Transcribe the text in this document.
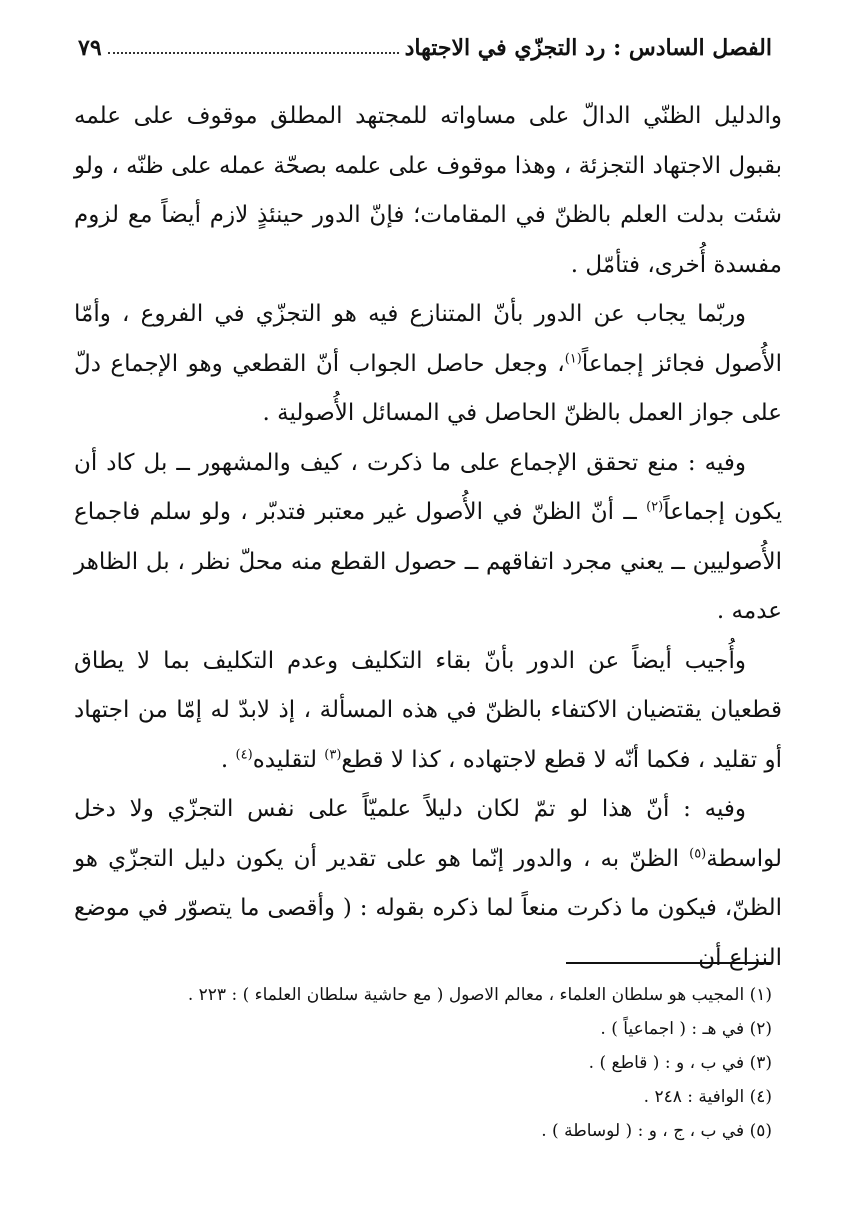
الفصل السادس : رد التجزّي في الاجتهاد
٧٩

والدليل الظنّي الدالّ على مساواته للمجتهد المطلق موقوف على علمه بقبول الاجتهاد التجزئة ، وهذا موقوف على علمه بصحّة عمله على ظنّه ، ولو شئت بدلت العلم بالظنّ في المقامات؛ فإنّ الدور حينئذٍ لازم أيضاً مع لزوم مفسدة أُخرى، فتأمّل .

وربّما يجاب عن الدور بأنّ المتنازع فيه هو التجزّي في الفروع ، وأمّا الأُصول فجائز إجماعاً$^{(١)}$، وجعل حاصل الجواب أنّ القطعي وهو الإجماع دلّ على جواز العمل بالظنّ الحاصل في المسائل الأُصولية .

وفيه : منع تحقق الإجماع على ما ذكرت ، كيف والمشهور ــ بل كاد أن يكون إجماعاً$^{(٢)}$ ــ أنّ الظنّ في الأُصول غير معتبر فتدبّر ، ولو سلم فاجماع الأُصوليين ــ يعني مجرد اتفاقهم ــ حصول القطع منه محلّ نظر ، بل الظاهر عدمه .

وأُجيب أيضاً عن الدور بأنّ بقاء التكليف وعدم التكليف بما لا يطاق قطعيان يقتضيان الاكتفاء بالظنّ في هذه المسألة ، إذ لابدّ له إمّا من اجتهاد أو تقليد ، فكما أنّه لا قطع لاجتهاده ، كذا لا قطع$^{(٣)}$ لتقليده$^{(٤)}$ .

وفيه : أنّ هذا لو تمّ لكان دليلاً علميّاً على نفس التجزّي ولا دخل لواسطة$^{(٥)}$ الظنّ به ، والدور إنّما هو على تقدير أن يكون دليل التجزّي هو الظنّ، فيكون ما ذكرت منعاً لما ذكره بقوله : ( وأقصى ما يتصوّر في موضع النزاع أن

(١) المجيب هو سلطان العلماء ، معالم الاصول ( مع حاشية سلطان العلماء ) : ٢٢٣ .

(٢) في هـ : ( اجماعياً ) .

(٣) في ب ، و : ( قاطع ) .

(٤) الوافية : ٢٤٨ .

(٥) في ب ، ج ، و : ( لوساطة ) .
